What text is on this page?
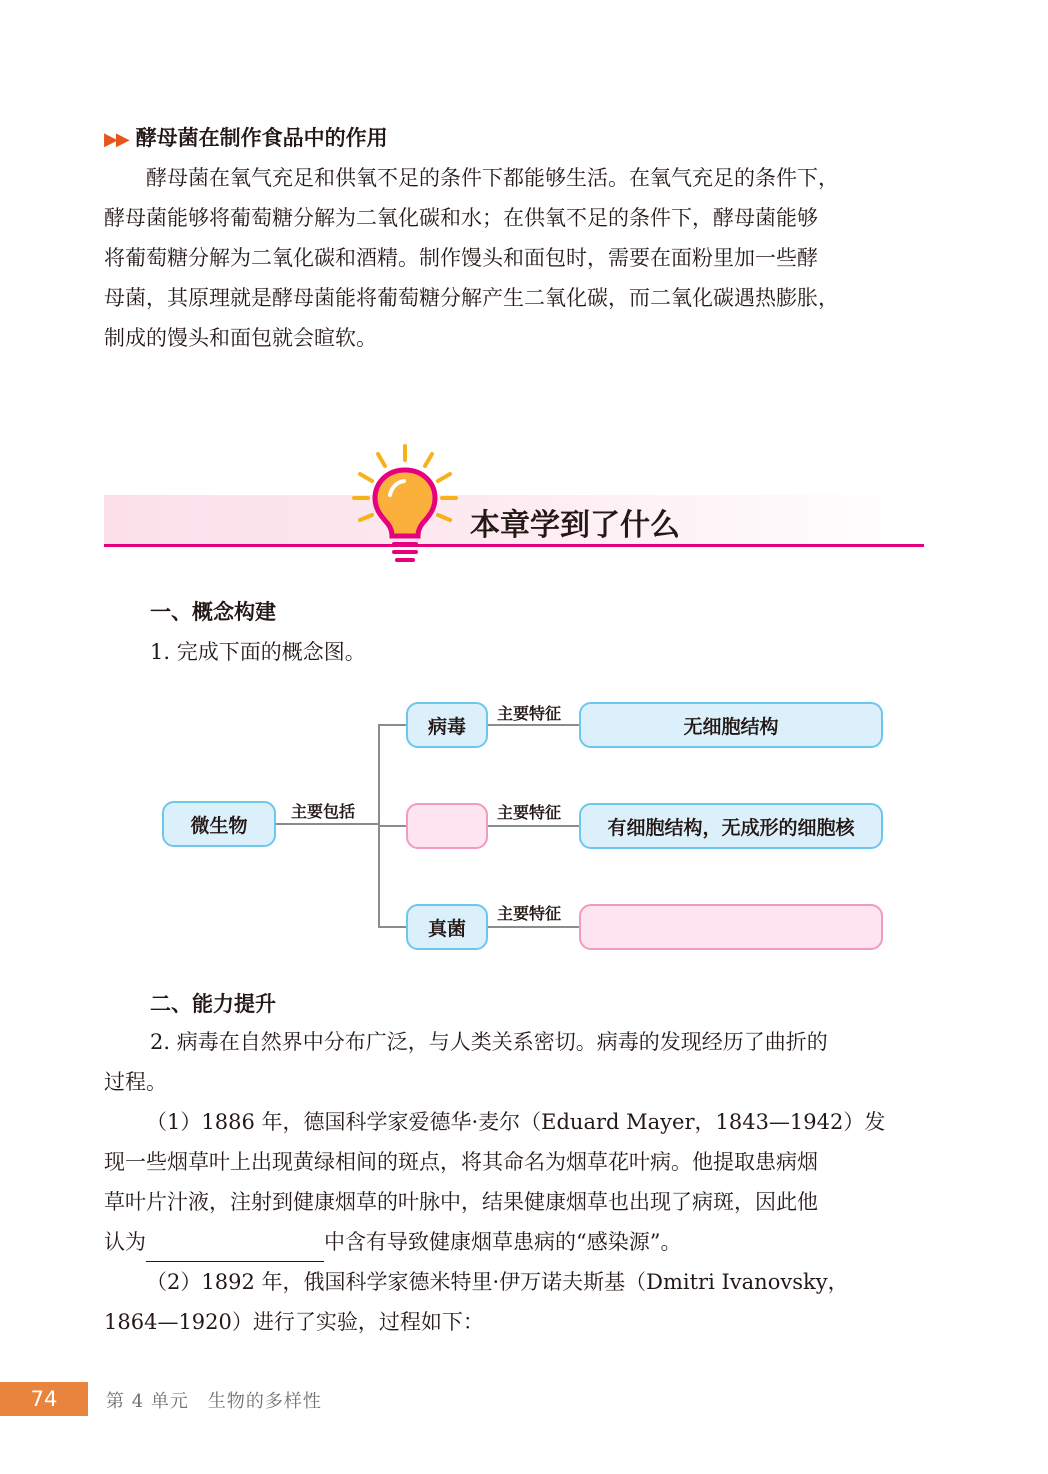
▶▶ 酵母菌在制作食品中的作用
酵母菌在氧气充足和供氧不足的条件下都能够生活。在氧气充足的条件下，
酵母菌能够将葡萄糖分解为二氧化碳和水；在供氧不足的条件下，酵母菌能够
将葡萄糖分解为二氧化碳和酒精。制作馒头和面包时，需要在面粉里加一些酵
母菌，其原理就是酵母菌能将葡萄糖分解产生二氧化碳，而二氧化碳遇热膨胀，
制成的馒头和面包就会暄软。
本章学到了什么
一、概念构建
1. 完成下面的概念图。
微生物
主要包括
病毒
真菌
主要特征
主要特征
主要特征
无细胞结构
有细胞结构，无成形的细胞核
二、能力提升
2. 病毒在自然界中分布广泛，与人类关系密切。病毒的发现经历了曲折的
过程。
（1）1886 年，德国科学家爱德华·麦尔（Eduard Mayer，1843—1942）发
现一些烟草叶上出现黄绿相间的斑点，将其命名为烟草花叶病。他提取患病烟
草叶片汁液，注射到健康烟草的叶脉中，结果健康烟草也出现了病斑，因此他
认为	中含有导致健康烟草患病的“感染源”。
（2）1892 年，俄国科学家德米特里·伊万诺夫斯基（Dmitri Ivanovsky，
1864—1920）进行了实验，过程如下：
74	第 4 单元　生物的多样性
